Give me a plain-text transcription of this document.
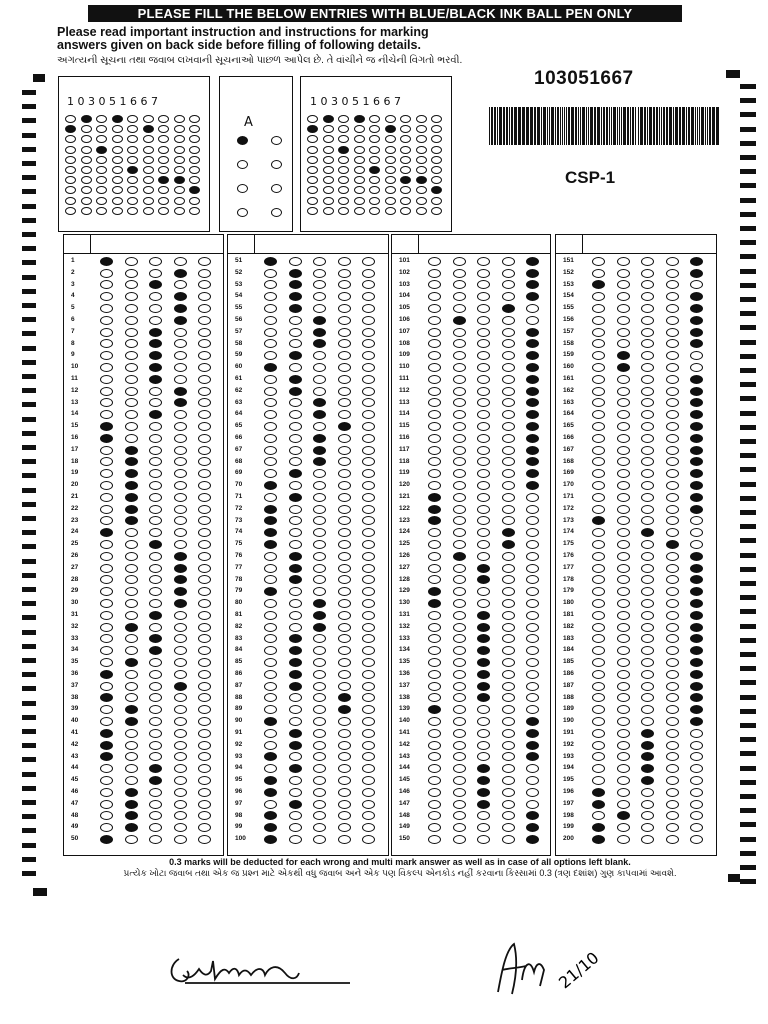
PLEASE FILL THE BELOW ENTRIES WITH BLUE/BLACK INK BALL PEN ONLY
Please read important instruction and instructions for marking
answers given on back side before filling of following details.
અગત્યની સૂચના તથા જવાબ લખવાની સૂચનાઓ પાછળ આપેલ છે. તે વાંચીને જ નીચેની વિગતો ભરવી.
103051667
CSP-1
103051667
A
103051667
1
2
3
4
5
6
7
8
9
10
11
12
13
14
15
16
17
18
19
20
21
22
23
24
25
26
27
28
29
30
31
32
33
34
35
36
37
38
39
40
41
42
43
44
45
46
47
48
49
50
51
52
53
54
55
56
57
58
59
60
61
62
63
64
65
66
67
68
69
70
71
72
73
74
75
76
77
78
79
80
81
82
83
84
85
86
87
88
89
90
91
92
93
94
95
96
97
98
99
100
101
102
103
104
105
106
107
108
109
110
111
112
113
114
115
116
117
118
119
120
121
122
123
124
125
126
127
128
129
130
131
132
133
134
135
136
137
138
139
140
141
142
143
144
145
146
147
148
149
150
151
152
153
154
155
156
157
158
159
160
161
162
163
164
165
166
167
168
169
170
171
172
173
174
175
176
177
178
179
180
181
182
183
184
185
186
187
188
189
190
191
192
193
194
195
196
197
198
199
200
0.3 marks will be deducted for each wrong and multi mark answer as well as in case of all options left blank.
પ્રત્યેક ખોટા જવાબ તથા એક જ પ્રશ્ન માટે એકથી વધુ જવાબ અને એક પણ વિકલ્પ એનકોડ નહીં કરવાના કિસ્સામાં 0.3 (ત્રણ દશાંશ) ગુણ કાપવામાં આવશે.
21/10
